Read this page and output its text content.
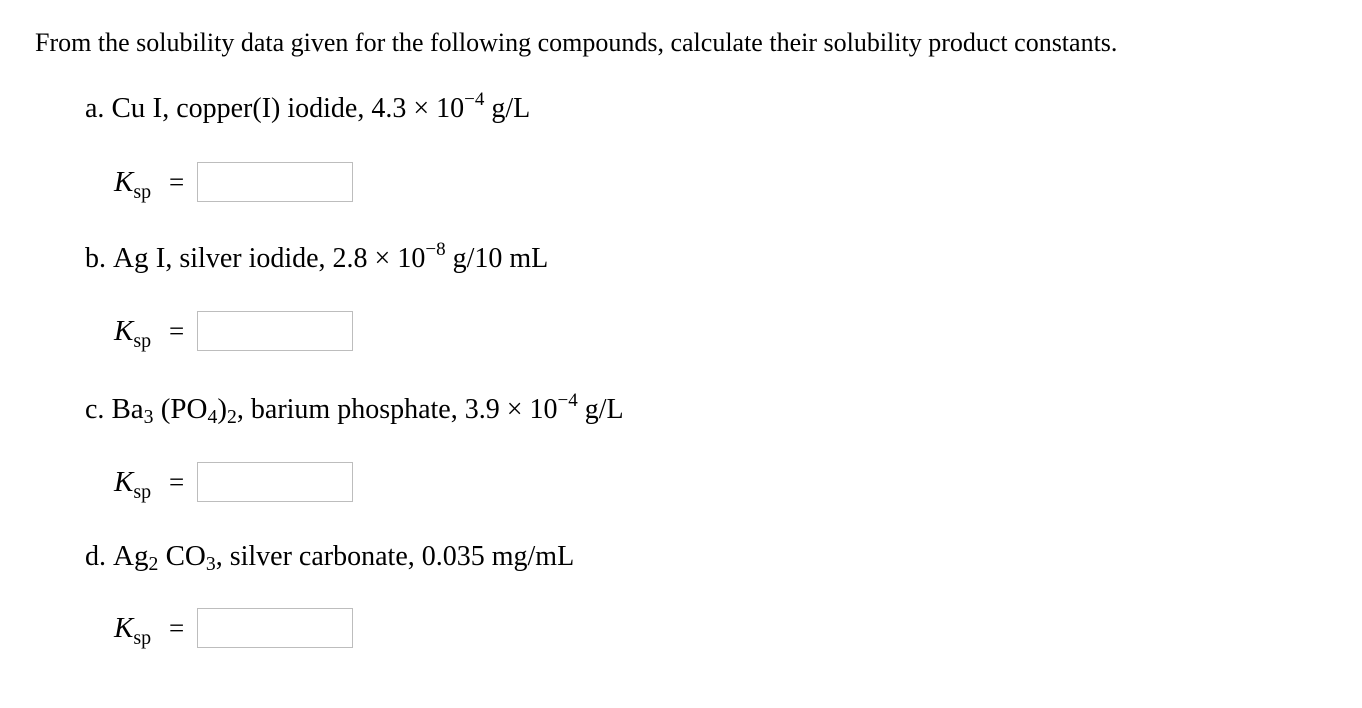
From the solubility data given for the following compounds, calculate their solubility product constants.
a. Cu I, copper(I) iodide, $4.3 \times 10^{-4}$ g/L
$K_{sp}$ =
b. Ag I, silver iodide, $2.8 \times 10^{-8}$ g/10 mL
$K_{sp}$ =
c. $Ba_3$ $(PO_4)_2$, barium phosphate, $3.9 \times 10^{-4}$ g/L
$K_{sp}$ =
d. $Ag_2$ $CO_3$, silver carbonate, 0.035 mg/mL
$K_{sp}$ =
